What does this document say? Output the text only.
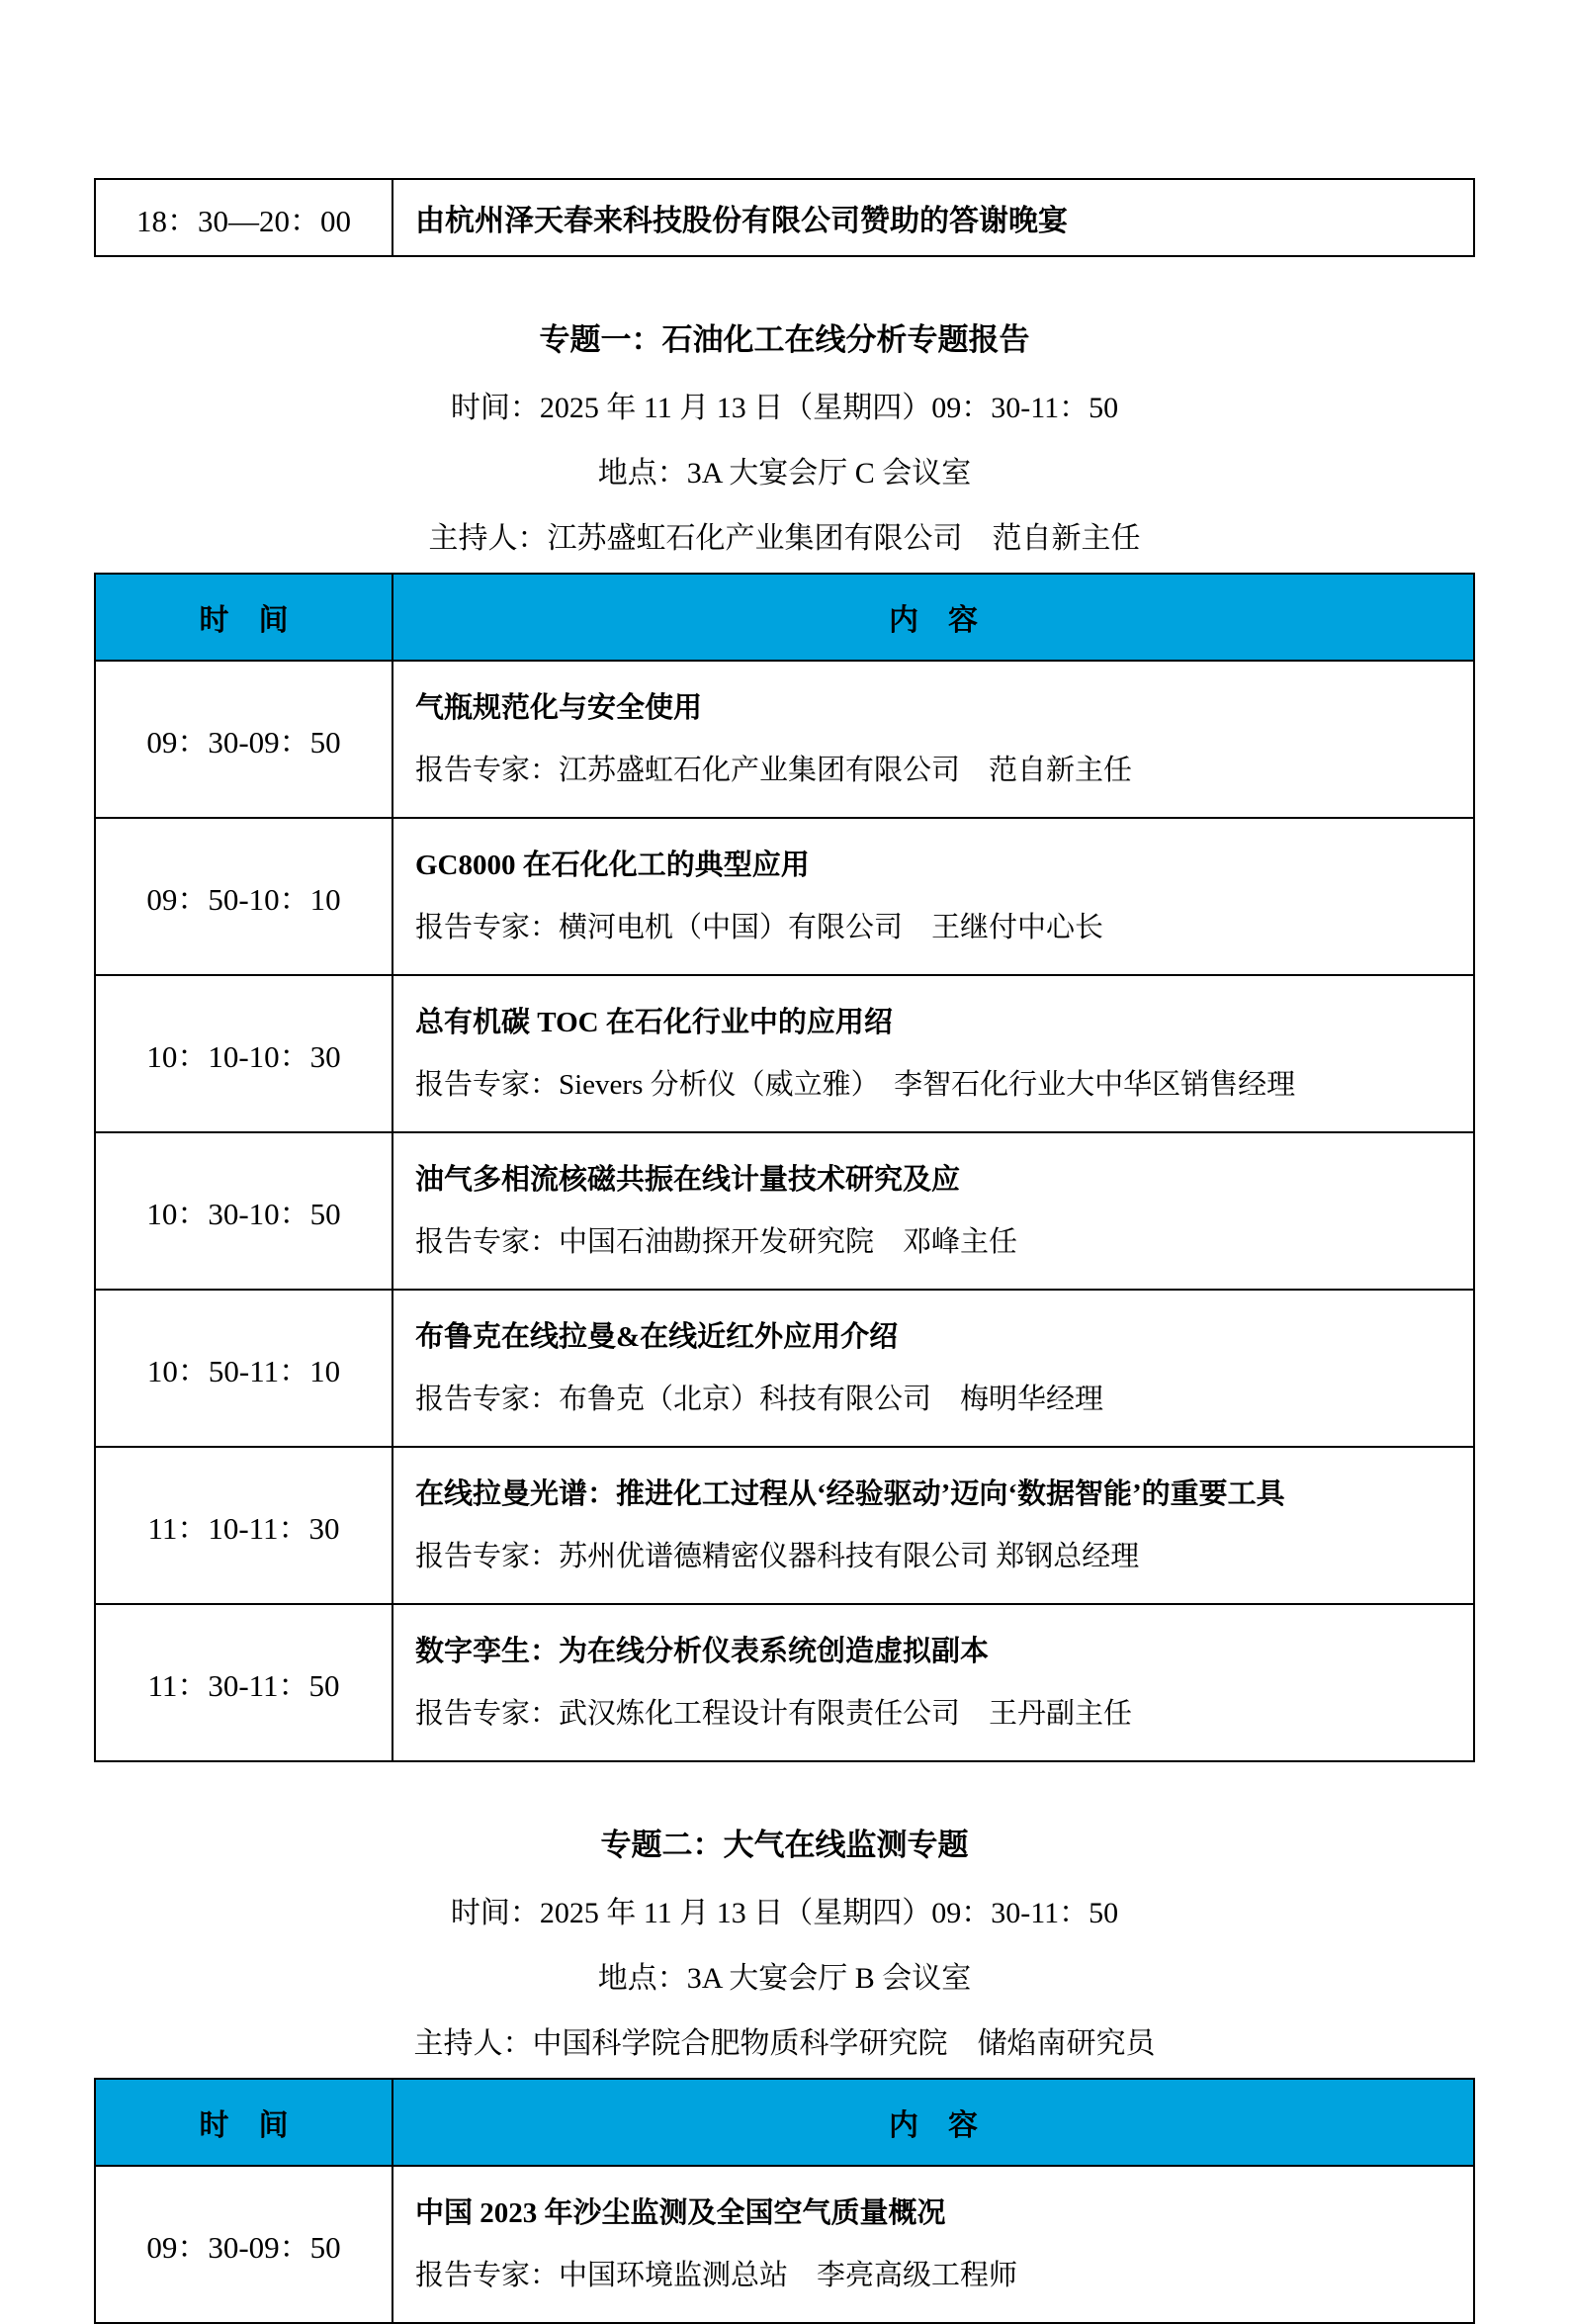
18：30—20：00	由杭州泽天春来科技股份有限公司赞助的答谢晚宴

专题一：石油化工在线分析专题报告

时间：2025 年 11 月 13 日（星期四）09：30-11：50

地点：3A 大宴会厅 C 会议室

主持人：江苏盛虹石化产业集团有限公司　范自新主任

时　间	内　容
09：30-09：50	气瓶规范化与安全使用
报告专家：江苏盛虹石化产业集团有限公司　范自新主任

09：50-10：10	GC8000 在石化化工的典型应用
报告专家：横河电机（中国）有限公司　王继付中心长

10：10-10：30	总有机碳 TOC 在石化行业中的应用绍
报告专家：Sievers 分析仪（威立雅）　李智石化行业大中华区销售经理

10：30-10：50	油气多相流核磁共振在线计量技术研究及应
报告专家：中国石油勘探开发研究院　邓峰主任

10：50-11：10	布鲁克在线拉曼&在线近红外应用介绍
报告专家：布鲁克（北京）科技有限公司　梅明华经理

11：10-11：30	在线拉曼光谱：推进化工过程从‘经验驱动’迈向‘数据智能’的重要工具
报告专家：苏州优谱德精密仪器科技有限公司 郑钢总经理

11：30-11：50	数字孪生：为在线分析仪表系统创造虚拟副本
报告专家：武汉炼化工程设计有限责任公司　王丹副主任

专题二：大气在线监测专题

时间：2025 年 11 月 13 日（星期四）09：30-11：50

地点：3A 大宴会厅 B 会议室

主持人：中国科学院合肥物质科学研究院　储焰南研究员

时　间	内　容
09：30-09：50	中国 2023 年沙尘监测及全国空气质量概况
报告专家：中国环境监测总站　李亮高级工程师
